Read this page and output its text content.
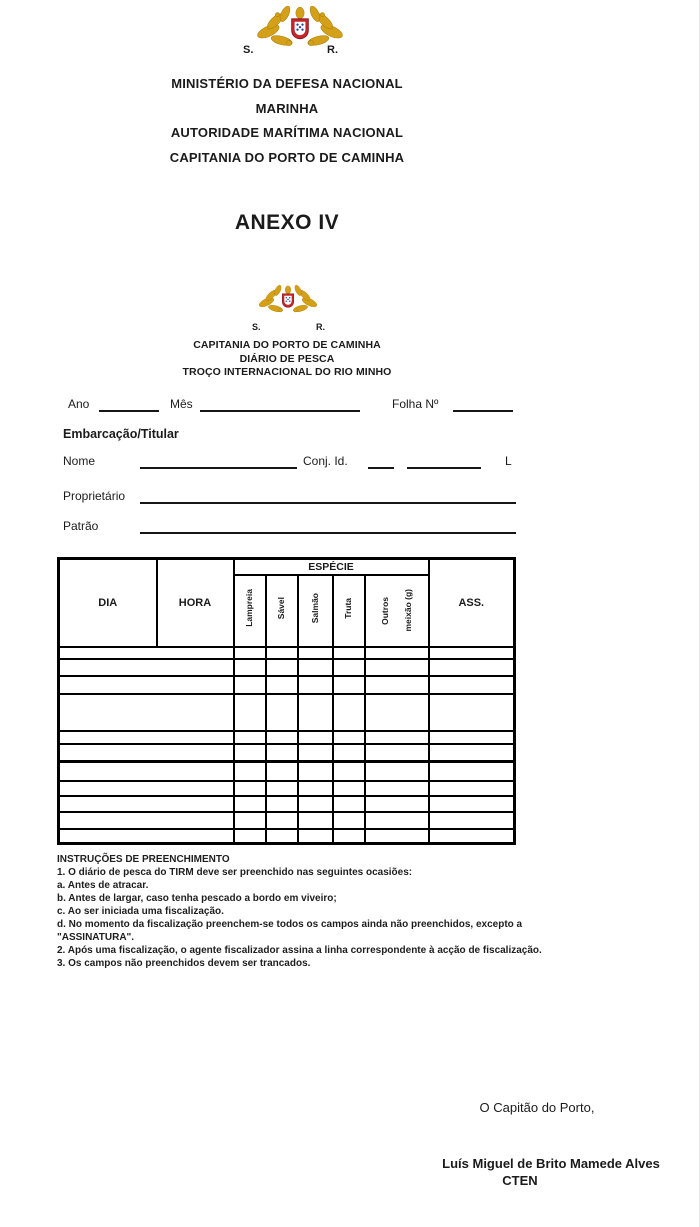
S.	R.
MINISTÉRIO DA DEFESA NACIONAL
MARINHA
AUTORIDADE MARÍTIMA NACIONAL
CAPITANIA DO PORTO DE CAMINHA
ANEXO IV
S.	R.
CAPITANIA DO PORTO DE CAMINHA
DIÁRIO DE PESCA
TROÇO INTERNACIONAL DO RIO MINHO
Ano	Mês	Folha Nº
Embarcação/Titular
Nome	Conj. Id.	L
Proprietário
Patrão
DIA	HORA	ESPÉCIE					ASS.
		Lampreia	Sável	Salmão	Truta	Outros meixão (g)	

INSTRUÇÕES DE PREENCHIMENTO
1. O diário de pesca do TIRM deve ser preenchido nas seguintes ocasiões:
a. Antes de atracar.
b. Antes de largar, caso tenha pescado a bordo em viveiro;
c. Ao ser iniciada uma fiscalização.
d. No momento da fiscalização preenchem-se todos os campos ainda não preenchidos, excepto a
"ASSINATURA".
2. Após uma fiscalização, o agente fiscalizador assina a linha correspondente à acção de fiscalização.
3. Os campos não preenchidos devem ser trancados.
O Capitão do Porto,
Luís Miguel de Brito Mamede Alves
CTEN
